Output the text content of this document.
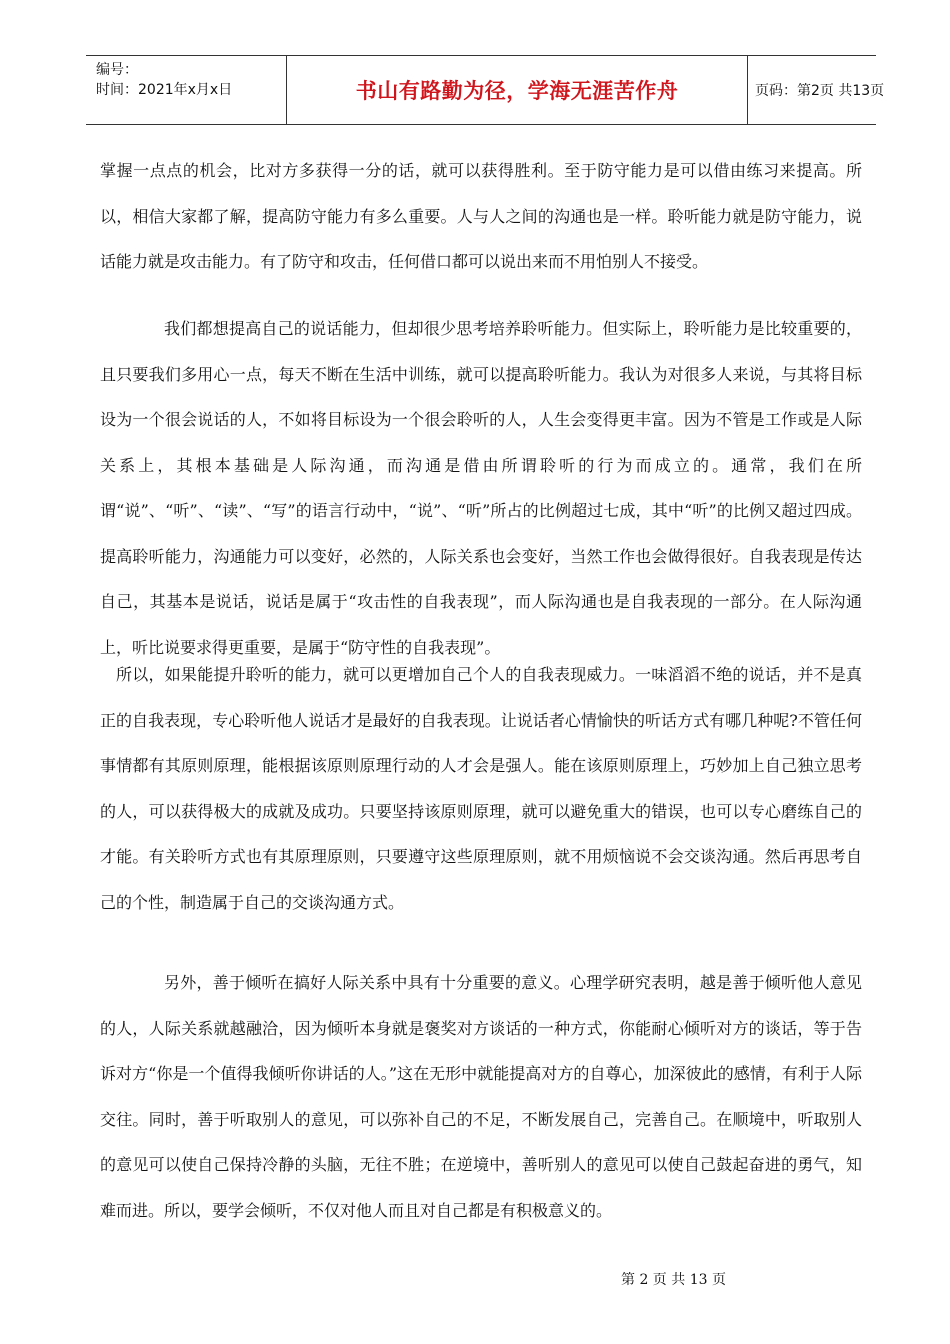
编号：
时间：2021年x月x日	书山有路勤为径，学海无涯苦作舟	页码：第2页 共13页

掌握一点点的机会，比对方多获得一分的话，就可以获得胜利。至于防守能力是可以借由练习来提高。所以，相信大家都了解，提高防守能力有多么重要。人与人之间的沟通也是一样。聆听能力就是防守能力，说话能力就是攻击能力。有了防守和攻击，任何借口都可以说出来而不用怕别人不接受。

我们都想提高自己的说话能力，但却很少思考培养聆听能力。但实际上，聆听能力是比较重要的，且只要我们多用心一点，每天不断在生活中训练，就可以提高聆听能力。我认为对很多人来说，与其将目标设为一个很会说话的人，不如将目标设为一个很会聆听的人，人生会变得更丰富。因为不管是工作或是人际关系上，其根本基础是人际沟通，而沟通是借由所谓聆听的行为而成立的。通常，我们在所谓“说”、“听”、“读”、“写”的语言行动中，“说”、“听”所占的比例超过七成，其中“听”的比例又超过四成。提高聆听能力，沟通能力可以变好，必然的，人际关系也会变好，当然工作也会做得很好。自我表现是传达自己，其基本是说话，说话是属于“攻击性的自我表现”，而人际沟通也是自我表现的一部分。在人际沟通上，听比说要求得更重要，是属于“防守性的自我表现”。

所以，如果能提升聆听的能力，就可以更增加自己个人的自我表现威力。一味滔滔不绝的说话，并不是真正的自我表现，专心聆听他人说话才是最好的自我表现。让说话者心情愉快的听话方式有哪几种呢?不管任何事情都有其原则原理，能根据该原则原理行动的人才会是强人。能在该原则原理上，巧妙加上自己独立思考的人，可以获得极大的成就及成功。只要坚持该原则原理，就可以避免重大的错误，也可以专心磨练自己的才能。有关聆听方式也有其原理原则，只要遵守这些原理原则，就不用烦恼说不会交谈沟通。然后再思考自己的个性，制造属于自己的交谈沟通方式。

另外，善于倾听在搞好人际关系中具有十分重要的意义。心理学研究表明，越是善于倾听他人意见的人，人际关系就越融洽，因为倾听本身就是褒奖对方谈话的一种方式，你能耐心倾听对方的谈话，等于告诉对方“你是一个值得我倾听你讲话的人。”这在无形中就能提高对方的自尊心，加深彼此的感情，有利于人际交往。同时，善于听取别人的意见，可以弥补自己的不足，不断发展自己，完善自己。在顺境中，听取别人的意见可以使自己保持冷静的头脑，无往不胜；在逆境中，善听别人的意见可以使自己鼓起奋进的勇气，知难而进。所以，要学会倾听，不仅对他人而且对自己都是有积极意义的。

第 2 页 共 13 页
